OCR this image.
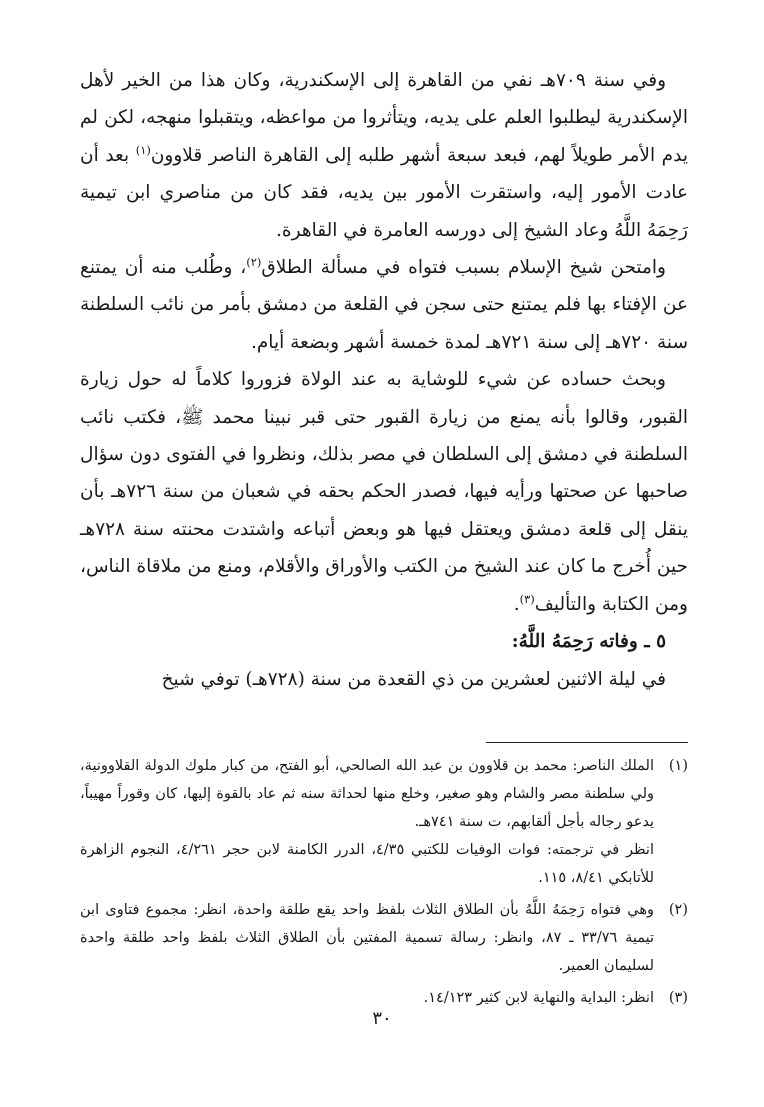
وفي سنة ٧٠٩هـ نفي من القاهرة إلى الإسكندرية، وكان هذا من الخير لأهل الإسكندرية ليطلبوا العلم على يديه، ويتأثروا من مواعظه، ويتقبلوا منهجه، لكن لم يدم الأمر طويلاً لهم، فبعد سبعة أشهر طلبه إلى القاهرة الناصر قلاوون$^{(١)}$ بعد أن عادت الأمور إليه، واستقرت الأمور بين يديه، فقد كان من مناصري ابن تيمية رَحِمَهُ اللَّهُ وعاد الشيخ إلى دورسه العامرة في القاهرة.

وامتحن شيخ الإسلام بسبب فتواه في مسألة الطلاق$^{(٢)}$، وطُلب منه أن يمتنع عن الإفتاء بها فلم يمتنع حتى سجن في القلعة من دمشق بأمر من نائب السلطنة سنة ٧٢٠هـ إلى سنة ٧٢١هـ لمدة خمسة أشهر وبضعة أيام.

وبحث حساده عن شيء للوشاية به عند الولاة فزوروا كلاماً له حول زيارة القبور، وقالوا بأنه يمنع من زيارة القبور حتى قبر نبينا محمد ﷺ، فكتب نائب السلطنة في دمشق إلى السلطان في مصر بذلك، ونظروا في الفتوى دون سؤال صاحبها عن صحتها ورأيه فيها، فصدر الحكم بحقه في شعبان من سنة ٧٢٦هـ بأن ينقل إلى قلعة دمشق ويعتقل فيها هو وبعض أتباعه واشتدت محنته سنة ٧٢٨هـ حين أُخرج ما كان عند الشيخ من الكتب والأوراق والأقلام، ومنع من ملاقاة الناس، ومن الكتابة والتأليف$^{(٣)}$.

٥ ـ وفاته رَحِمَهُ اللَّهُ:

في ليلة الاثنين لعشرين من ذي القعدة من سنة (٧٢٨هـ) توفي شيخ

(١)
الملك الناصر: محمد بن قلاوون بن عبد الله الصالحي، أبو الفتح، من كبار ملوك الدولة القلاوونية، ولي سلطنة مصر والشام وهو صغير، وخلع منها لحداثة سنه ثم عاد بالقوة إليها، كان وقوراً مهيباً، يدعو رجاله بأجل ألقابهم، ت سنة ٧٤١هـ.
انظر في ترجمته: فوات الوفيات للكتبي ٤/٣٥، الدرر الكامنة لابن حجر ٤/٢٦١، النجوم الزاهرة للأتابكي ٨/٤١، ١١٥.
(٢)
وهي فتواه رَحِمَهُ اللَّهُ بأن الطلاق الثلاث بلفظ واحد يقع طلقة واحدة، انظر: مجموع فتاوى ابن تيمية ٣٣/٧٦ ـ ٨٧، وانظر: رسالة تسمية المفتين بأن الطلاق الثلاث بلفظ واحد طلقة واحدة لسليمان العمير.
(٣)
انظر: البداية والنهاية لابن كثير ١٤/١٢٣.
٣٠
